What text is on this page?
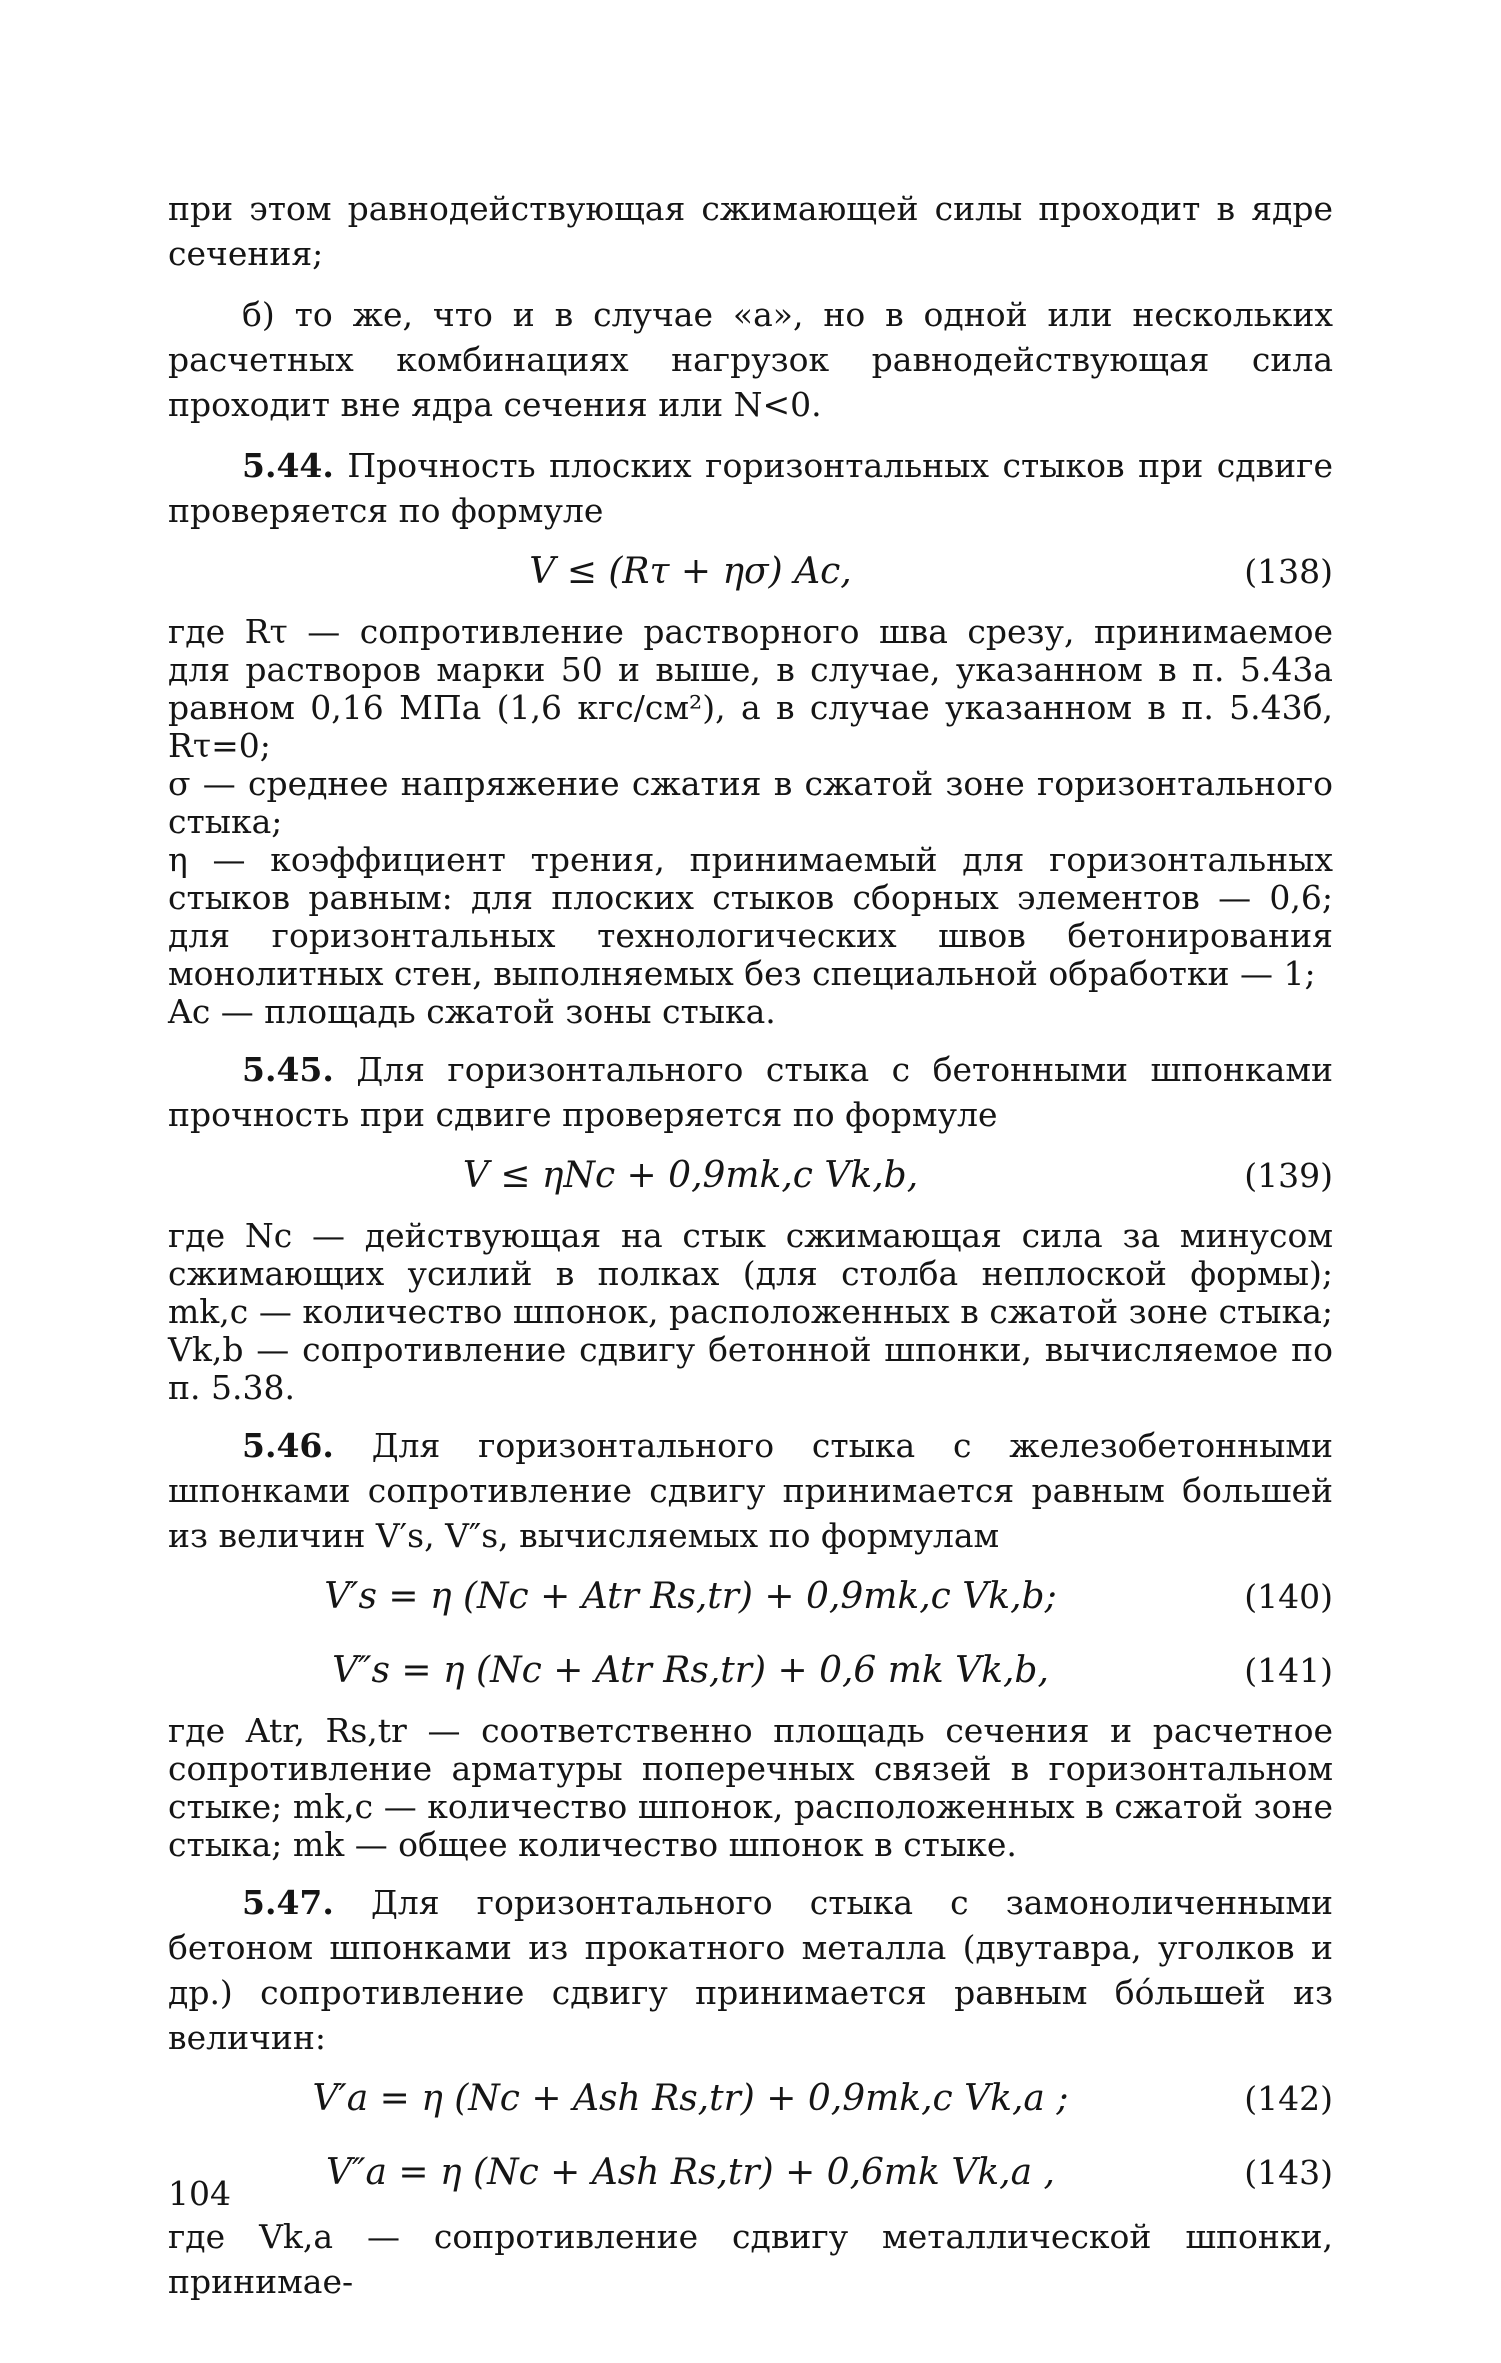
при этом равнодействующая сжимающей силы проходит в ядре сечения;

б) то же, что и в случае «а», но в одной или нескольких расчетных комбинациях нагрузок равнодействующая сила проходит вне ядра сечения или N<0.

5.44. Прочность плоских горизонтальных стыков при сдвиге проверяется по формуле

V ≤ (Rτ + ησ) Ac,	(138)

где Rτ — сопротивление растворного шва срезу, принимаемое для растворов марки 50 и выше, в случае, указанном в п. 5.43а равном 0,16 МПа (1,6 кгс/см²), а в случае указанном в п. 5.43б, Rτ=0;

σ — среднее напряжение сжатия в сжатой зоне горизонтального стыка;

η — коэффициент трения, принимаемый для горизонтальных стыков равным: для плоских стыков сборных элементов — 0,6; для горизонтальных технологических швов бетонирования монолитных стен, выполняемых без специальной обработки — 1;

Ac — площадь сжатой зоны стыка.

5.45. Для горизонтального стыка с бетонными шпонками прочность при сдвиге проверяется по формуле

V ≤ ηNc + 0,9mk,c Vk,b,	(139)

где Nc — действующая на стык сжимающая сила за минусом сжимающих усилий в полках (для столба неплоской формы); mk,c — количество шпонок, расположенных в сжатой зоне стыка; Vk,b — сопротивление сдвигу бетонной шпонки, вычисляемое по п. 5.38.

5.46. Для горизонтального стыка с железобетонными шпонками сопротивление сдвигу принимается равным большей из величин V′s, V″s, вычисляемых по формулам

V′s = η (Nc + Atr Rs,tr) + 0,9mk,c Vk,b;	(140)
V″s = η (Nc + Atr Rs,tr) + 0,6 mk Vk,b,	(141)

где Atr, Rs,tr — соответственно площадь сечения и расчетное сопротивление арматуры поперечных связей в горизонтальном стыке; mk,c — количество шпонок, расположенных в сжатой зоне стыка; mk — общее количество шпонок в стыке.

5.47. Для горизонтального стыка с замоноличенными бетоном шпонками из прокатного металла (двутавра, уголков и др.) сопротивление сдвигу принимается равным бóльшей из величин:

V′a = η (Nc + Ash Rs,tr) + 0,9mk,c Vk,a ;	(142)
V″a = η (Nc + Ash Rs,tr) + 0,6mk Vk,a ,	(143)

где Vk,a — сопротивление сдвигу металлической шпонки, принимае-

104
